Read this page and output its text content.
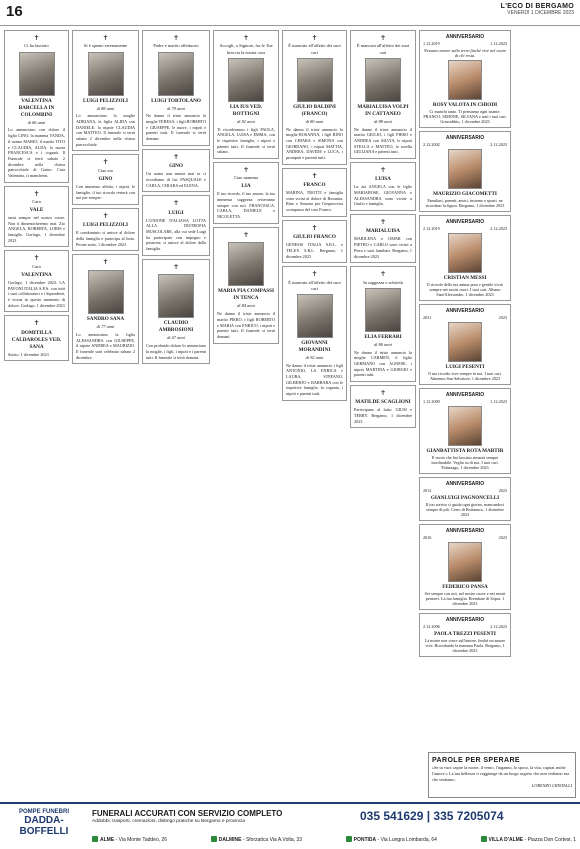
16	L'ECO DI BERGAMO
VENERDÌ 1 DICEMBRE 2023
✝
Ci ha lasciato
VALENTINA BARCELLA IN COLOMBINI
di 66 anni
Lo annunciano con dolore il figlio LINO, la mamma VANDA, il nonno MARIO, il marito TITO e CLAUDIA, ALDA, la nuora FRANCESCA e i cognati. Il Funerale si terrà sabato 2 dicembre nella chiesa parrocchiale di Gaino. Cara Valentina, ci mancherai.
✝
Cara
VALE
sarai sempre nel nostro cuore. Non ti dimenticheremo mai. Zio ANGELA, ROBERTA, LORIS e famiglie. Gorlago, 1 dicembre 2023
✝
Cara
VALENTINA
Gorlago, 1 dicembre 2023. LA PAVONI ITALIA S.P.A. con tutti i suoi collaboratori e i dipendenti, è vicina in questo momento di dolore. Gorlago, 1 dicembre 2023
✝
DOMITILLA CALDAROLES VED. SANA
Suisio, 1 dicembre 2023
✝
Si è spento serenamente
LUIGI PELIZZOLI
di 88 anni
Lo annunciano la moglie ADRIANA, la figlia ALIDA con DANIELE, la nipote CLAUDIA con MATTEO. Il funerale si terrà sabato 2 dicembre nella chiesa parrocchiale.
✝
Ciao zio
GINO
Con immenso affetto, i nipoti, le famiglie, il tuo ricordo resterà con noi per sempre.
✝
LUIGI PELIZZOLI
Il condominio si unisce al dolore della famiglia e partecipa al lutto. Pesate sotto, 1 dicembre 2023
✝
SANDRO SANA
di 77 anni
Lo annunciano la figlia ALESSANDRA con GIUSEPPE, il nipote ANDREA e MAURIZIO. Il funerale sarà celebrato sabato 2 dicembre.
✝
Padre e marito affettuoso
LUIGI TORTOLANO
di 79 anni
Ne danno il triste annuncio la moglie TERESA, i figli ROBERTO e GIUSEPPE, le nuore, i nipoti e parenti tutti. Il funerale si terrà domani.
✝
GINO
Un uomo non muore mai se ci ricordiamo di lui. PASQUALE e CARLA, CHIARA ed ELENA.
✝
LUIGI
L'UNIONE ITALIANA LOTTA ALLA DISTROFIA MUSCOLARE, alla cui sede Luigi ha partecipato con impegno e passione, si unisce al dolore della famiglia.
✝
CLAUDIO AMBROSIONI
di 67 anni
Con profondo dolore lo annunciano la moglie, i figli, i nipoti e i parenti tutti. Il funerale si terrà domani.
✝
Accogli, o Signore, fra le Tue braccia la nostra cara
LIA IUS VED. ROTTIGNI
di 92 anni
Ti ricorderanno i figli PAOLA, ANGELA, LUISA e EMMA, con le rispettive famiglie, i nipoti e parenti tutti. Il funerale si terrà sabato.
✝
Ciao mamma
LIA
Il tuo ricordo, il tuo amore, la tua immensa saggezza resteranno sempre con noi. FRANCESCA, CARLA, DANIELE e NICOLETTA.
✝
MARIA PIA COMPASSI IN TENCA
di 84 anni
Ne danno il triste annuncio il marito PIERO, i figli ROBERTO e MARIA con ENRICO, i nipoti e parenti tutti. Il funerale si terrà domani.
✝
È mancato all'affetto dei suoi cari
GIULIO BALDINI (FRANCO)
di 80 anni
Ne danno il triste annuncio la moglie ROSANNA, i figli RINO con CHIARA e SIMONA con GIORDANO, i nipoti MATTIA, ANDREA, DAVIDE e LUCA, i pronipoti e parenti tutti.
✝
FRANCO
MARINA, TROTTI e famiglia sono vicini al dolore di Rosanna, Rino e Simona per l'improvvisa scomparsa del caro Franco.
✝
GIULIO FRANCO
GENESIS ITALIA S.R.L. e TELEX S.R.L. Bergamo, 1 dicembre 2023
✝
È mancato all'affetto dei suoi cari
GIOVANNI MORANDINI
di 92 anni
Ne danno il triste annuncio i figli ANTONIO, LA ENRICA e LAURA, STEFANO, GILBERTO e BARBARA con le rispettive famiglie, la cognata, i nipoti e parenti tutti.
✝
È mancata all'affetto dei suoi cari
MARIALUISA VOLPI IN CATTANEO
di 88 anni
Ne danno il triste annuncio il marito GIULIO, i figli PIERO e ANDREA con SILVIA, le nipoti STELLA e MATTEO, la sorella GIULIANA e parenti tutti.
✝
LUISA
La zia ANGELA con le figlie MARIAROSE, GIOVANNA e ALESSANDRA sono vicine a Giulio e famiglia.
✝
MARIALUISA
MARILENA e OMAR con PIETRO e CARLO sono vicini a Piero e suoi familiari. Bergamo, 1 dicembre 2023
✝
In saggezza e sobrietà
ELIA FERRARI
di 86 anni
Ne danno il triste annuncio la moglie CARMEN, il figlio GERMANO con AGNESE, i nipoti MARTINA e GIORGIO e parenti tutti.
✝
MATILDE SCAGLIONI
Partecipano al lutto: GIUSI e TERRY. Bergamo, 1 dicembre 2023
ANNIVERSARIO
1.12.2019	1.12.2023
Nessuno muore sulla terra finché vive nel cuore di chi resta.
ROSY VALOTA IN CHIODI
Ci manchi tanto. Ti pensiamo ogni istante. FRANCO, SIMONE, SILVANA e tutti i tuoi cari. Grassobbio, 1 dicembre 2023
ANNIVERSARIO
2.12.2002	2.12.2023
MAURIZIO GIACOMETTI
Familiari, parenti, amici, insieme e sposti, ne ricordano la figura. Bergamo, 1 dicembre 2023
ANNIVERSARIO
2.12.2019	2.12.2023
CRISTIAN MESSI
Il ricordo della tua anima pura e gentile vivrà sempre nei nostri cuori. I tuoi cari. Albano Sant'Alessandro, 1 dicembre 2023
ANNIVERSARIO
2021	2023
LUIGI PESENTI
Il tuo ricordo vive sempre in noi. I tuoi cari. Almenno San Salvatore, 1 dicembre 2023
ANNIVERSARIO
1.12.2009	1.12.2023
GIANBATTISTA ROTA MARTIR
Il vuoto che hai lasciato rimarrà sempre incolmabile. Veglia su di noi. I tuoi cari. Palazzago, 1 dicembre 2023
ANNIVERSARIO
2012	2023
GIANLUIGI PAGNONCELLI
Il tuo sorriso ci guida ogni giorno, mancandoci sempre di più. Cerro di Bottanuco, 1 dicembre 2023
ANNIVERSARIO
2016	2023
FEDERICO PANSA
Sei sempre con noi, nel nostro cuore e nei nostri pensieri. La tua famiglia. Brembate di Sopra, 1 dicembre 2023
ANNIVERSARIO
2.12.2006	2.12.2023
PAOLA TREZZI PESENTI
La morte non vince sull'amore, finché un amore vive. Ricordando la mamma Paola. Bergamo, 1 dicembre 2023
PAROLE PER SPERARE
«Se tu vuoi capire la morte, il vento, l'inganno, lo sposo, la vita, capirai anche l'amore.» La tua bellezza ci raggiunge da un luogo segreto che non vediamo ma che sentiamo.
LORENZO CRISTALLI
POMPE FUNEBRI
DADDA-BOFFELLI
FUNERALI ACCURATI CON SERVIZIO COMPLETO
Addobbi, trasporti, cremazioni, disbrigo pratiche su Bergamo e provincia	035 541629 | 335 7205074
ALME - Via Monte Taddeo, 26	DALMINE - Sforzatica Via A.Volta, 33	PONTIDA - Via Lungra Lombarda, 64	VILLA D'ALME - Piazza Don Cortesi, 1
